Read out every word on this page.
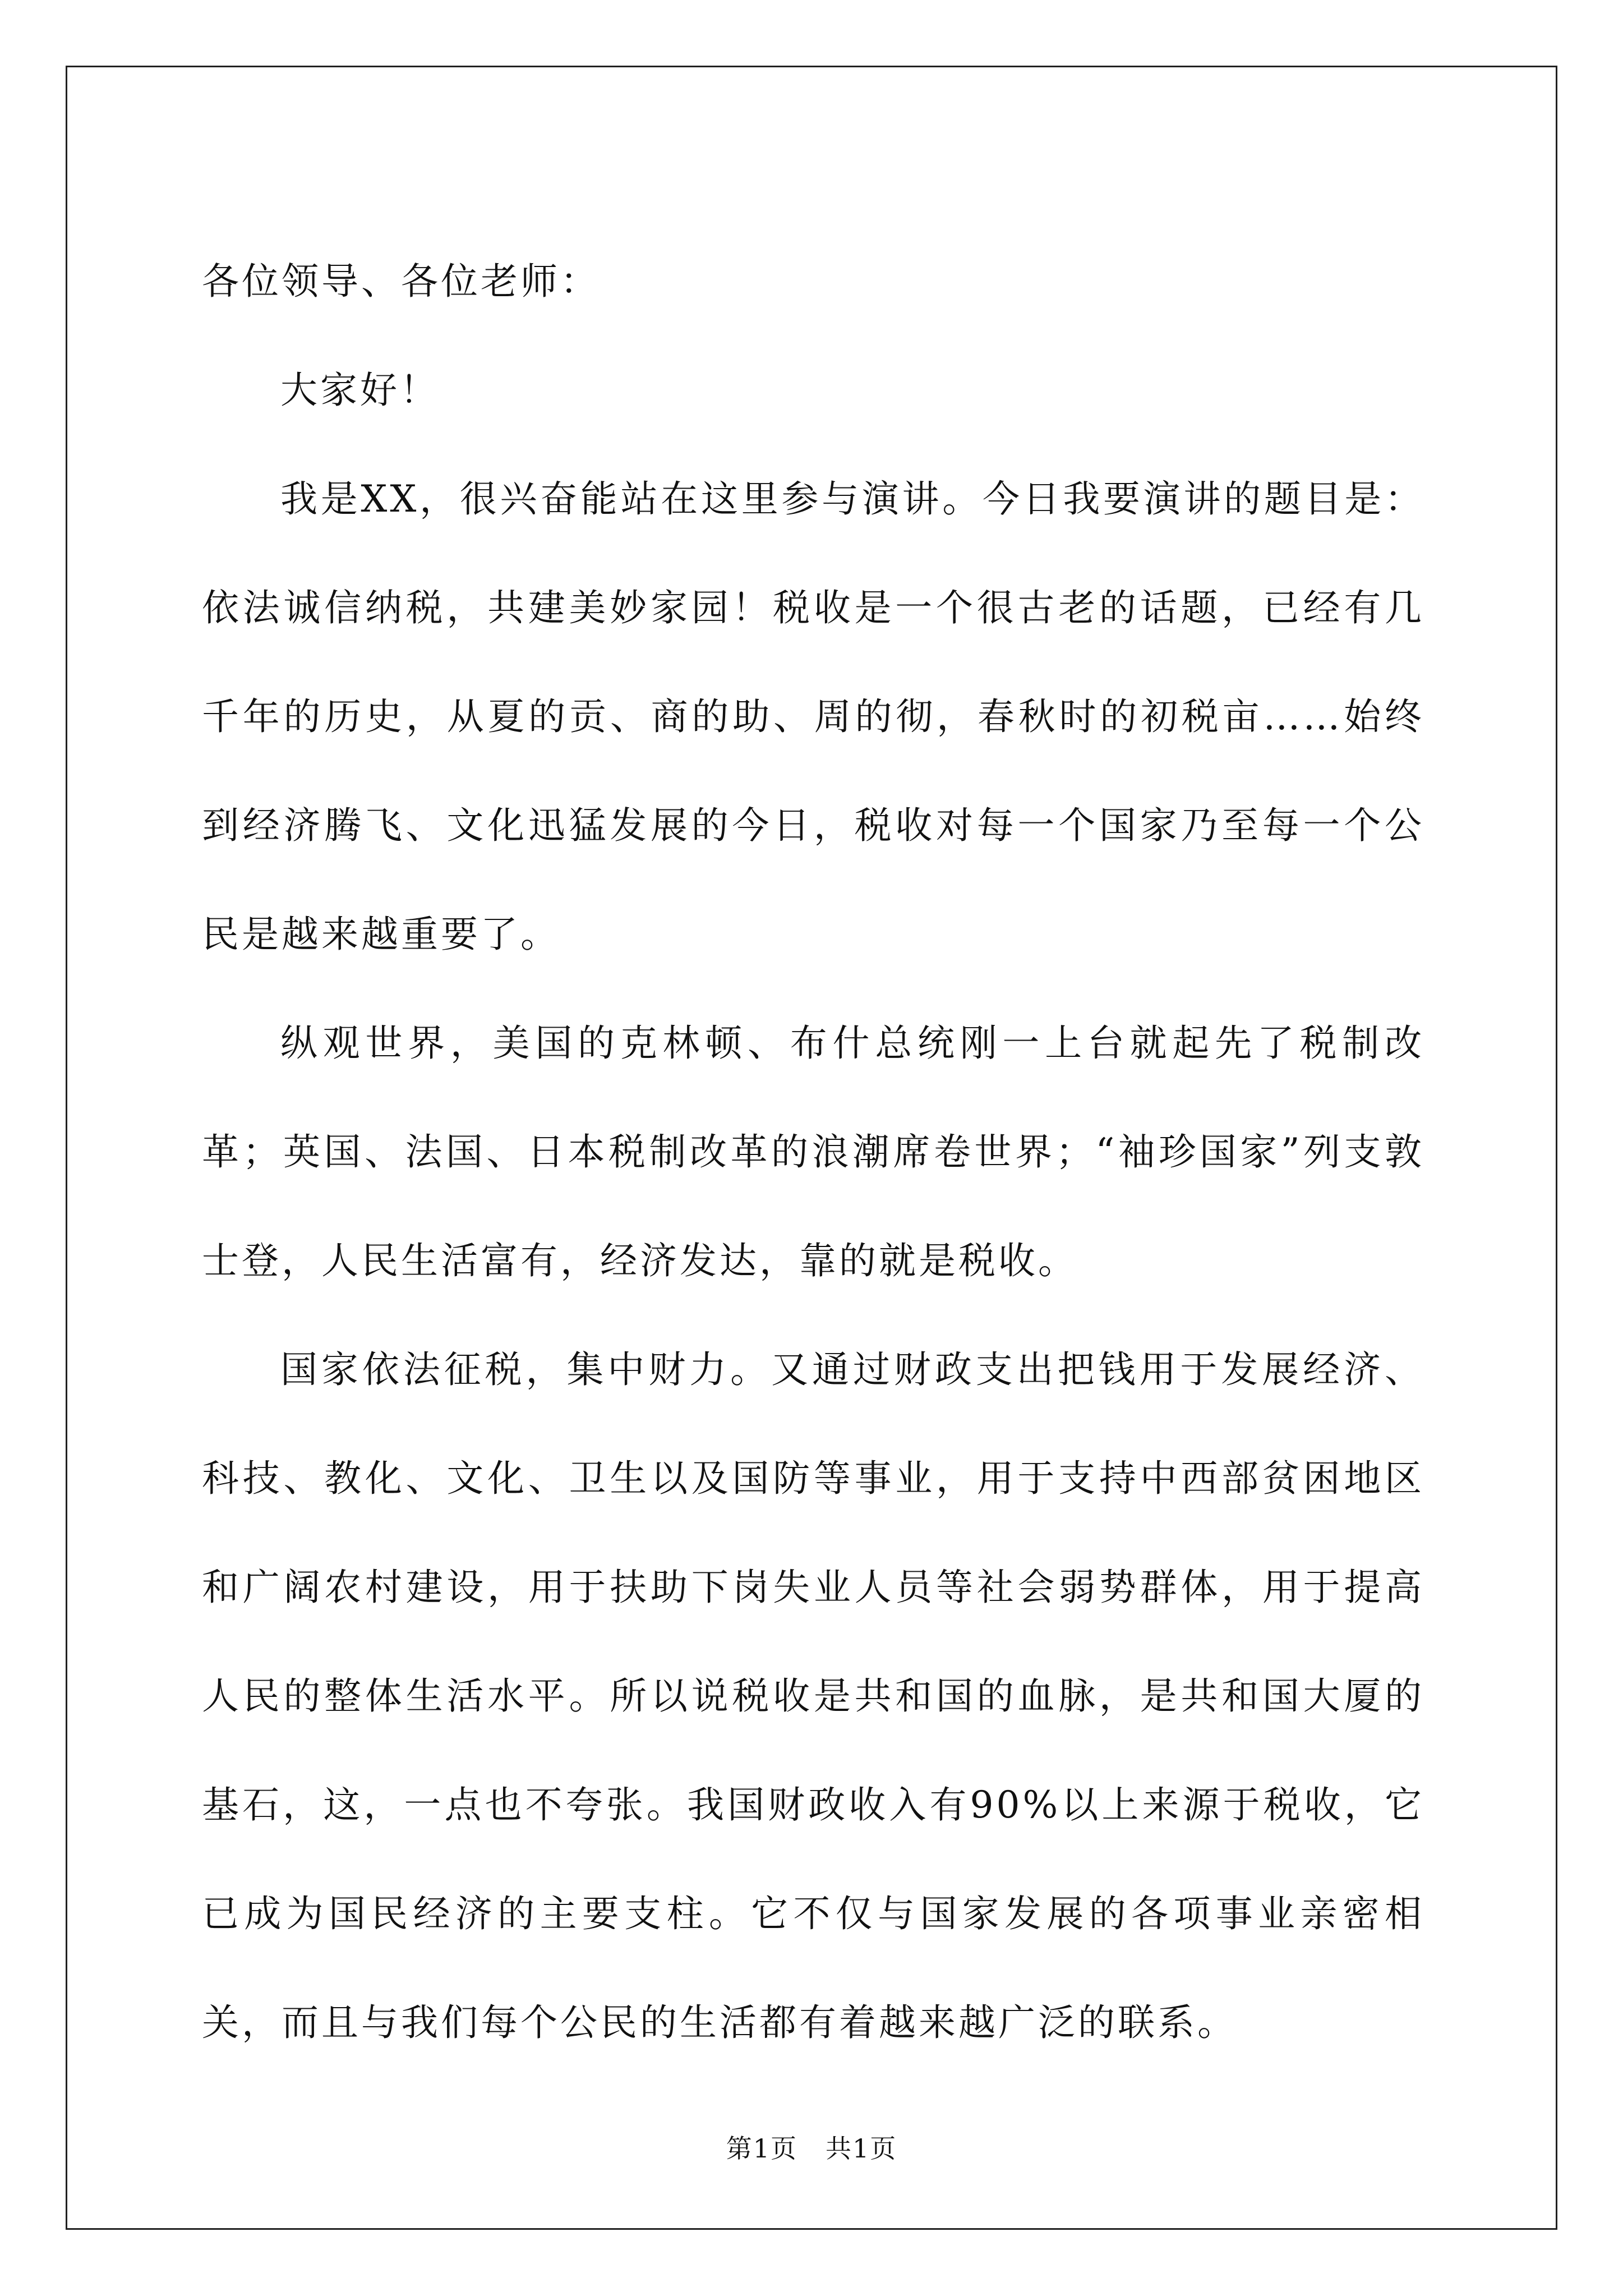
各位领导、各位老师：

大家好！

我是XX，很兴奋能站在这里参与演讲。今日我要演讲的题目是：依法诚信纳税，共建美妙家园！税收是一个很古老的话题，已经有几千年的历史，从夏的贡、商的助、周的彻，春秋时的初税亩……始终到经济腾飞、文化迅猛发展的今日，税收对每一个国家乃至每一个公民是越来越重要了。

纵观世界，美国的克林顿、布什总统刚一上台就起先了税制改革；英国、法国、日本税制改革的浪潮席卷世界；“袖珍国家”列支敦士登，人民生活富有，经济发达，靠的就是税收。

国家依法征税，集中财力。又通过财政支出把钱用于发展经济、科技、教化、文化、卫生以及国防等事业，用于支持中西部贫困地区和广阔农村建设，用于扶助下岗失业人员等社会弱势群体，用于提高人民的整体生活水平。所以说税收是共和国的血脉，是共和国大厦的基石，这，一点也不夸张。我国财政收入有90%以上来源于税收，它已成为国民经济的主要支柱。它不仅与国家发展的各项事业亲密相关，而且与我们每个公民的生活都有着越来越广泛的联系。

第1页 共1页
